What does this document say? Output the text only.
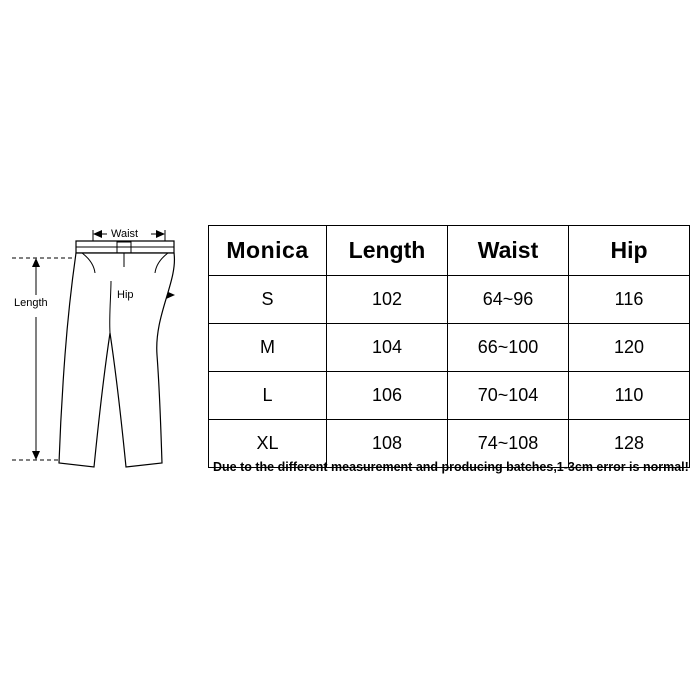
Length
Waist
Hip
Monica	Length	Waist	Hip
S	102	64~96	116
M	104	66~100	120
L	106	70~104	110
XL	108	74~108	128
Due to the different measurement and producing batches,1-3cm error is normal!
